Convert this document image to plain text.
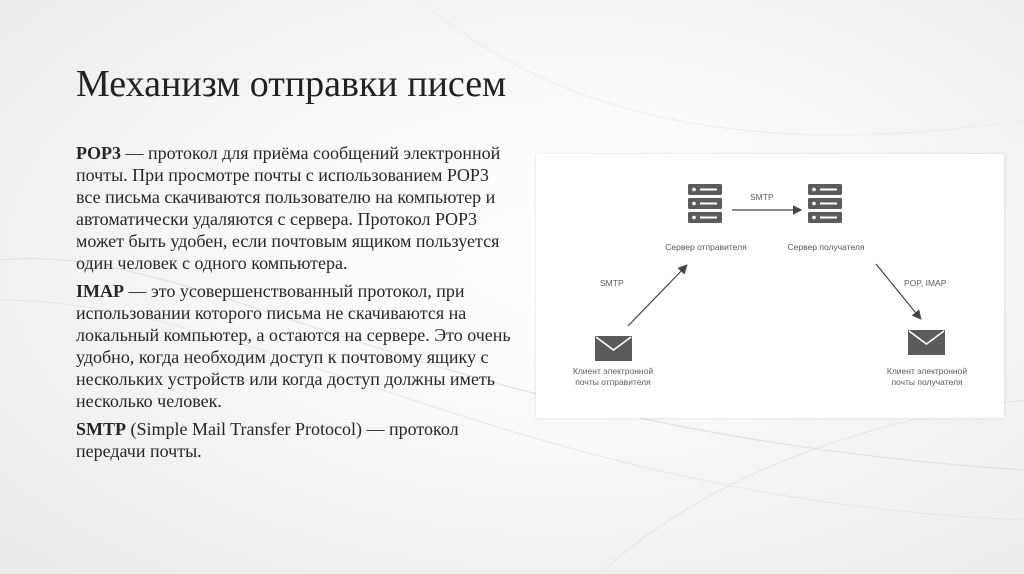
Механизм отправки писем

POP3 — протокол для приёма сообщений электронной почты. При просмотре почты с использованием POP3 все письма скачиваются пользователю на компьютер и автоматически удаляются с сервера. Протокол POP3 может быть удобен, если почтовым ящиком пользуется один человек с одного компьютера.

IMAP — это усовершенствованный протокол, при использовании которого письма не скачиваются на локальный компьютер, а остаются на сервере. Это очень удобно, когда необходим доступ к почтовому ящику с нескольких устройств или когда доступ должны иметь несколько человек.

SMTP (Simple Mail Transfer Protocol) — протокол передачи почты.

SMTP
SMTP	POP, IMAP
Сервер отправителя	Сервер получателя
Клиент электронной
почты отправителя
Клиент электронной
почты получателя
